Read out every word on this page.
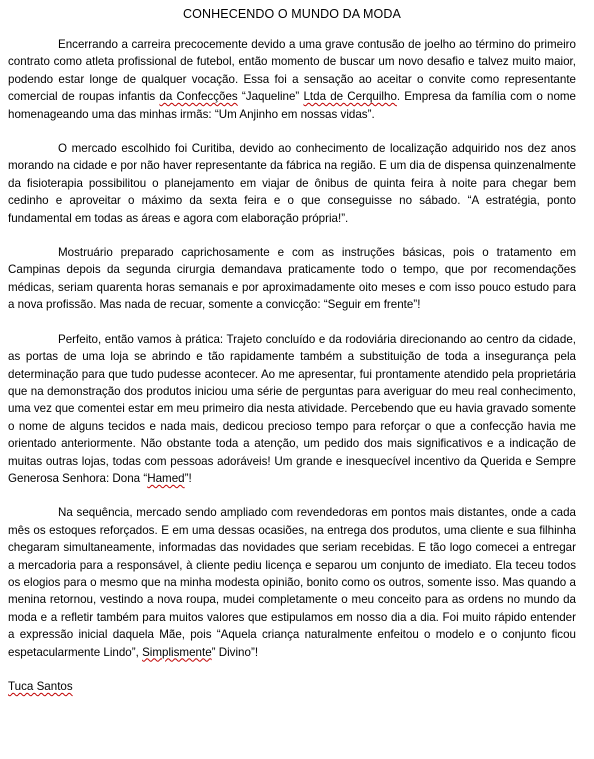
CONHECENDO O MUNDO DA MODA

Encerrando a carreira precocemente devido a uma grave contusão de joelho ao término do primeiro contrato como atleta profissional de futebol, então momento de buscar um novo desafio e talvez muito maior, podendo estar longe de qualquer vocação. Essa foi a sensação ao aceitar o convite como representante comercial de roupas infantis da Confecções “Jaqueline” Ltda de Cerquilho. Empresa da família com o nome homenageando uma das minhas irmãs: “Um Anjinho em nossas vidas”.

O mercado escolhido foi Curitiba, devido ao conhecimento de localização adquirido nos dez anos morando na cidade e por não haver representante da fábrica na região. E um dia de dispensa quinzenalmente da fisioterapia possibilitou o planejamento em viajar de ônibus de quinta feira à noite para chegar bem cedinho e aproveitar o máximo da sexta feira e o que conseguisse no sábado. “A estratégia, ponto fundamental em todas as áreas e agora com elaboração própria!”.

Mostruário preparado caprichosamente e com as instruções básicas, pois o tratamento em Campinas depois da segunda cirurgia demandava praticamente todo o tempo, que por recomendações médicas, seriam quarenta horas semanais e por aproximadamente oito meses e com isso pouco estudo para a nova profissão. Mas nada de recuar, somente a convicção: “Seguir em frente”!

Perfeito, então vamos à prática: Trajeto concluído e da rodoviária direcionando ao centro da cidade, as portas de uma loja se abrindo e tão rapidamente também a substituição de toda a insegurança pela determinação para que tudo pudesse acontecer. Ao me apresentar, fui prontamente atendido pela proprietária que na demonstração dos produtos iniciou uma série de perguntas para averiguar do meu real conhecimento, uma vez que comentei estar em meu primeiro dia nesta atividade. Percebendo que eu havia gravado somente o nome de alguns tecidos e nada mais, dedicou precioso tempo para reforçar o que a confecção havia me orientado anteriormente. Não obstante toda a atenção, um pedido dos mais significativos e a indicação de muitas outras lojas, todas com pessoas adoráveis! Um grande e inesquecível incentivo da Querida e Sempre Generosa Senhora: Dona “Hamed”!

Na sequência, mercado sendo ampliado com revendedoras em pontos mais distantes, onde a cada mês os estoques reforçados. E em uma dessas ocasiões, na entrega dos produtos, uma cliente e sua filhinha chegaram simultaneamente, informadas das novidades que seriam recebidas. E tão logo comecei a entregar a mercadoria para a responsável, à cliente pediu licença e separou um conjunto de imediato. Ela teceu todos os elogios para o mesmo que na minha modesta opinião, bonito como os outros, somente isso. Mas quando a menina retornou, vestindo a nova roupa, mudei completamente o meu conceito para as ordens no mundo da moda e a refletir também para muitos valores que estipulamos em nosso dia a dia. Foi muito rápido entender a expressão inicial daquela Mãe, pois “Aquela criança naturalmente enfeitou o modelo e o conjunto ficou espetacularmente Lindo”, Simplismente” Divino”!

Tuca Santos
